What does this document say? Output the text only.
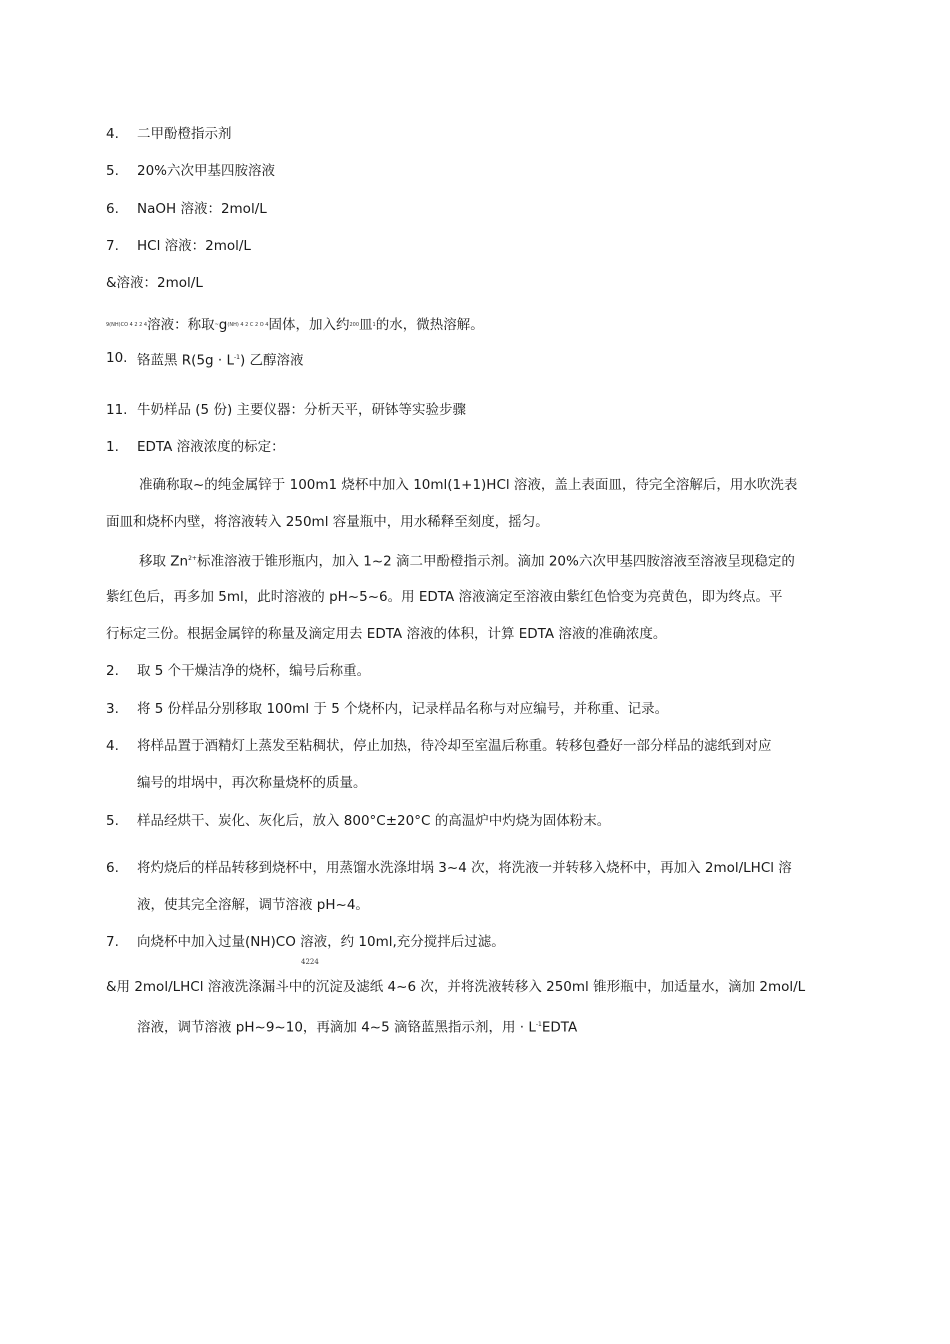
4. 二甲酚橙指示剂
5. 20%六次甲基四胺溶液
6. NaOH 溶液：2mol/L
7. HCl 溶液：2mol/L
&溶液：2mol/L
9(NH)CO 4 2 2 4溶液：称取~g(NH) 4 2 C 2 O 4固体，加入约200皿1的水，微热溶解。
10. 铬蓝黑 $R(5g \cdot L^{-1})$ 乙醇溶液
11. 牛奶样品 (5 份) 主要仪器：分析天平，研钵等实验步骤
1. EDTA 溶液浓度的标定：
准确称取~的纯金属锌于 100m1 烧杯中加入 10ml(1+1)HCl 溶液，盖上表面皿，待完全溶解后，用水吹洗表
面皿和烧杯内壁，将溶液转入 250ml 容量瓶中，用水稀释至刻度，摇匀。
移取 $Zn^{2+}$标准溶液于锥形瓶内，加入 1~2 滴二甲酚橙指示剂。滴加 20%六次甲基四胺溶液至溶液呈现稳定的
紫红色后，再多加 5ml，此时溶液的 pH~5~6。用 EDTA 溶液滴定至溶液由紫红色恰变为亮黄色，即为终点。平
行标定三份。根据金属锌的称量及滴定用去 EDTA 溶液的体积，计算 EDTA 溶液的准确浓度。
2. 取 5 个干燥洁净的烧杯，编号后称重。
3. 将 5 份样品分别移取 100ml 于 5 个烧杯内，记录样品名称与对应编号，并称重、记录。
4. 将样品置于酒精灯上蒸发至粘稠状，停止加热，待冷却至室温后称重。转移包叠好一部分样品的滤纸到对应
编号的坩埚中，再次称量烧杯的质量。
5. 样品经烘干、炭化、灰化后，放入 800°C±20°C 的高温炉中灼烧为固体粉末。
6. 将灼烧后的样品转移到烧杯中，用蒸馏水洗涤坩埚 3~4 次，将洗液一并转移入烧杯中，再加入 2mol/LHCl 溶
液，使其完全溶解，调节溶液 pH~4。
7. 向烧杯中加入过量(NH)CO 溶液，约 10ml,充分搅拌后过滤。
4224
&用 2mol/LHCl 溶液洗涤漏斗中的沉淀及滤纸 4~6 次，并将洗液转移入 250ml 锥形瓶中，加适量水，滴加 2mol/L
溶液，调节溶液 pH~9~10，再滴加 4~5 滴铬蓝黑指示剂，用 · $L^{-1}EDTA$
